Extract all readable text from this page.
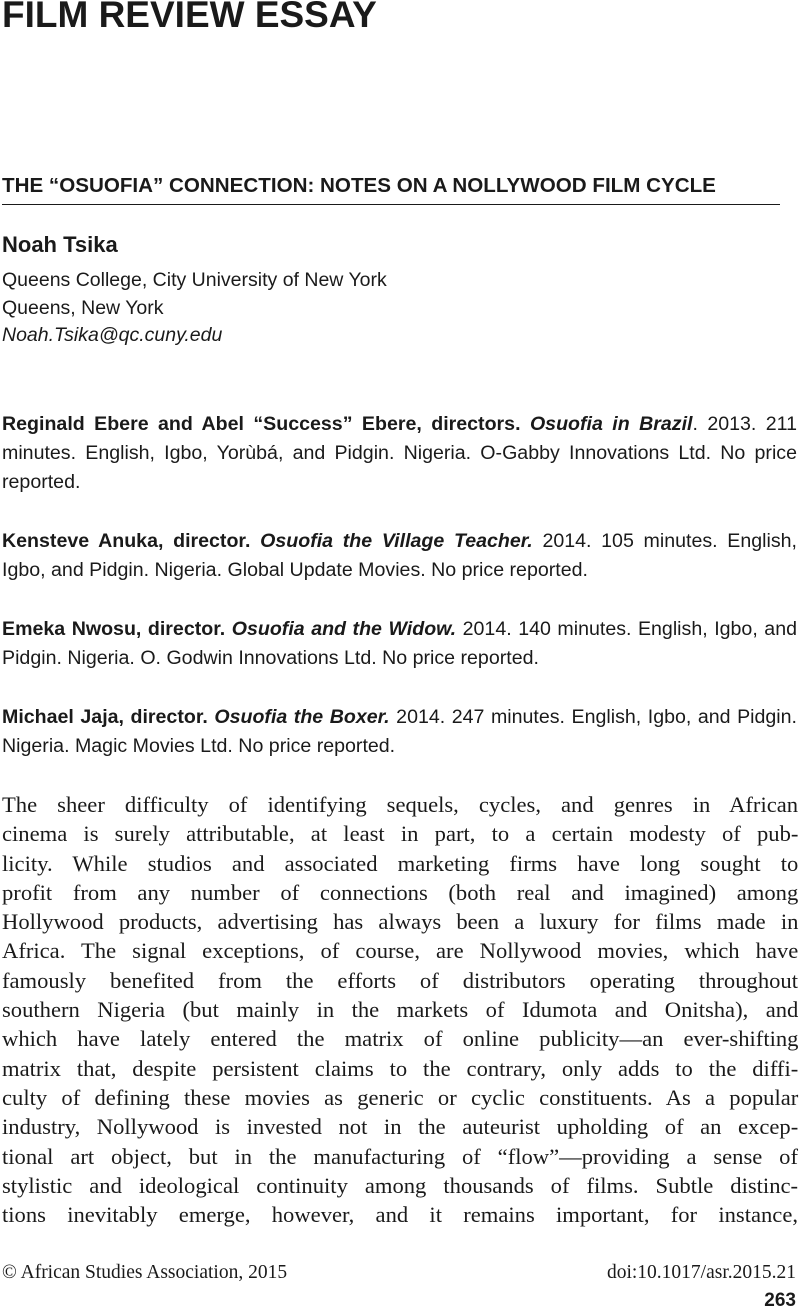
FILM REVIEW ESSAY
THE “OSUOFIA” CONNECTION: NOTES ON A NOLLYWOOD FILM CYCLE
Noah Tsika
Queens College, City University of New York
Queens, New York
Noah.Tsika@qc.cuny.edu
Reginald Ebere and Abel “Success” Ebere, directors. Osuofia in Brazil. 2013. 211 minutes. English, Igbo, Yorùbá, and Pidgin. Nigeria. O-Gabby Innovations Ltd. No price reported.
Kensteve Anuka, director. Osuofia the Village Teacher. 2014. 105 minutes. English, Igbo, and Pidgin. Nigeria. Global Update Movies. No price reported.
Emeka Nwosu, director. Osuofia and the Widow. 2014. 140 minutes. English, Igbo, and Pidgin. Nigeria. O. Godwin Innovations Ltd. No price reported.
Michael Jaja, director. Osuofia the Boxer. 2014. 247 minutes. English, Igbo, and Pidgin. Nigeria. Magic Movies Ltd. No price reported.
The sheer difficulty of identifying sequels, cycles, and genres in African
cinema is surely attributable, at least in part, to a certain modesty of pub-
licity. While studios and associated marketing firms have long sought to
profit from any number of connections (both real and imagined) among
Hollywood products, advertising has always been a luxury for films made in
Africa. The signal exceptions, of course, are Nollywood movies, which have
famously benefited from the efforts of distributors operating throughout
southern Nigeria (but mainly in the markets of Idumota and Onitsha), and
which have lately entered the matrix of online publicity—an ever-shifting
matrix that, despite persistent claims to the contrary, only adds to the diffi-
culty of defining these movies as generic or cyclic constituents. As a popular
industry, Nollywood is invested not in the auteurist upholding of an excep-
tional art object, but in the manufacturing of “flow”—providing a sense of
stylistic and ideological continuity among thousands of films. Subtle distinc-
tions inevitably emerge, however, and it remains important, for instance,
© African Studies Association, 2015	doi:10.1017/asr.2015.21
263
